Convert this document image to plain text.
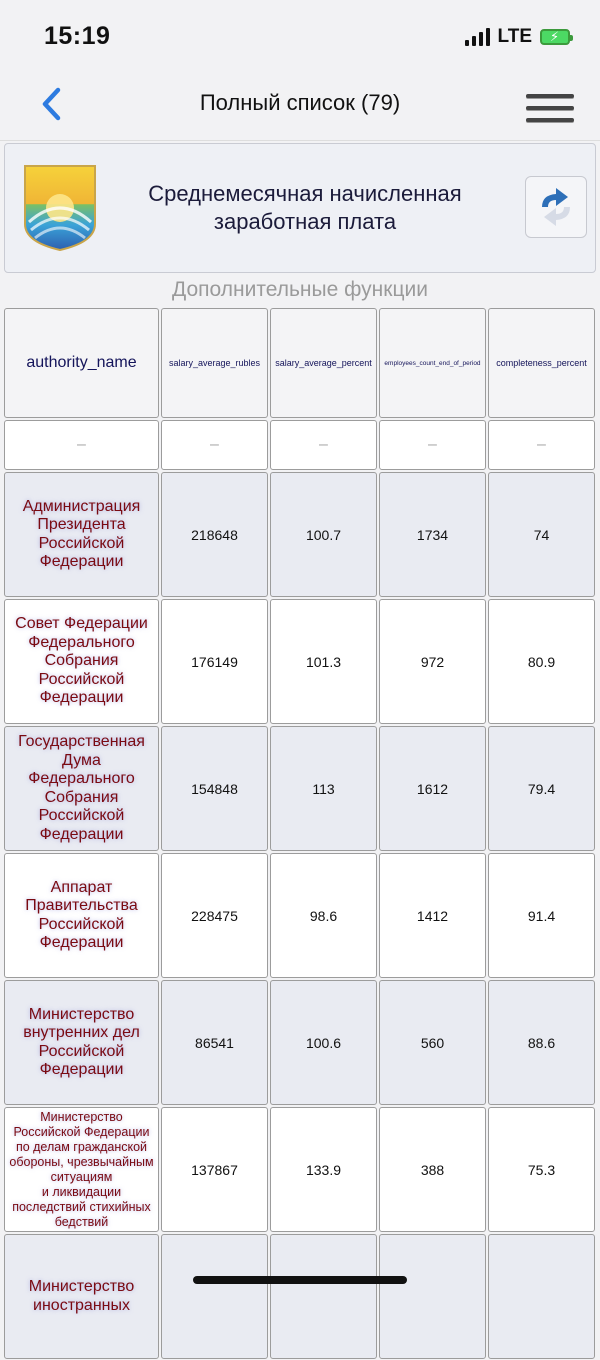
15:19	LTE ⚡
Полный список (79)
Среднемесячная начисленная
заработная плата
Дополнительные функции
authority_name	salary_average_rubles	salary_average_percent	employees_count_end_of_period	completeness_percent
–	–	–	–	–
Администрация
Президента
Российской
Федерации
218648	100.7	1734	74
Совет Федерации
Федерального
Собрания
Российской
Федерации
176149	101.3	972	80.9
Государственная
Дума
Федерального
Собрания
Российской
Федерации
154848	113	1612	79.4
Аппарат
Правительства
Российской
Федерации
228475	98.6	1412	91.4
Министерство
внутренних дел
Российской
Федерации
86541	100.6	560	88.6
Министерство
Российской Федерации
по делам гражданской
обороны, чрезвычайным
ситуациям
и ликвидации
последствий стихийных
бедствий
137867	133.9	388	75.3
Министерство
иностранных
